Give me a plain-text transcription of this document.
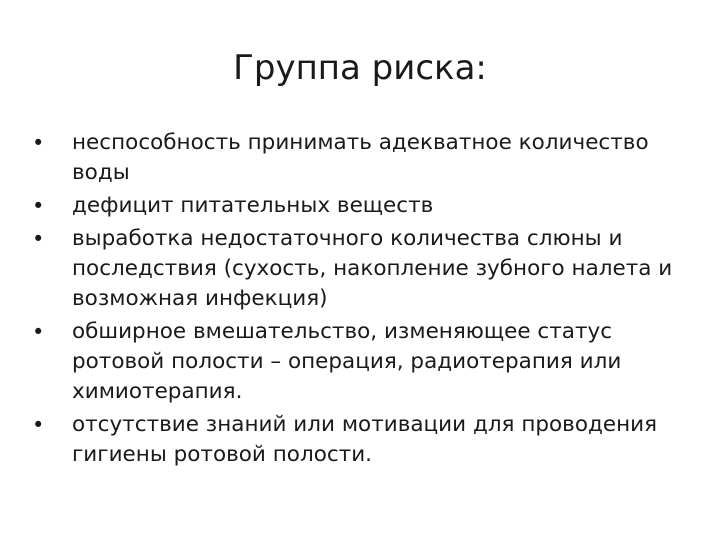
Группа риска:
• неспособность принимать адекватное количество воды
• дефицит питательных веществ
• выработка недостаточного количества слюны и последствия (сухость, накопление зубного налета и возможная инфекция)
• обширное вмешательство, изменяющее статус ротовой полости – операция, радиотерапия или химиотерапия.
• отсутствие знаний или мотивации для проводения гигиены ротовой полости.
